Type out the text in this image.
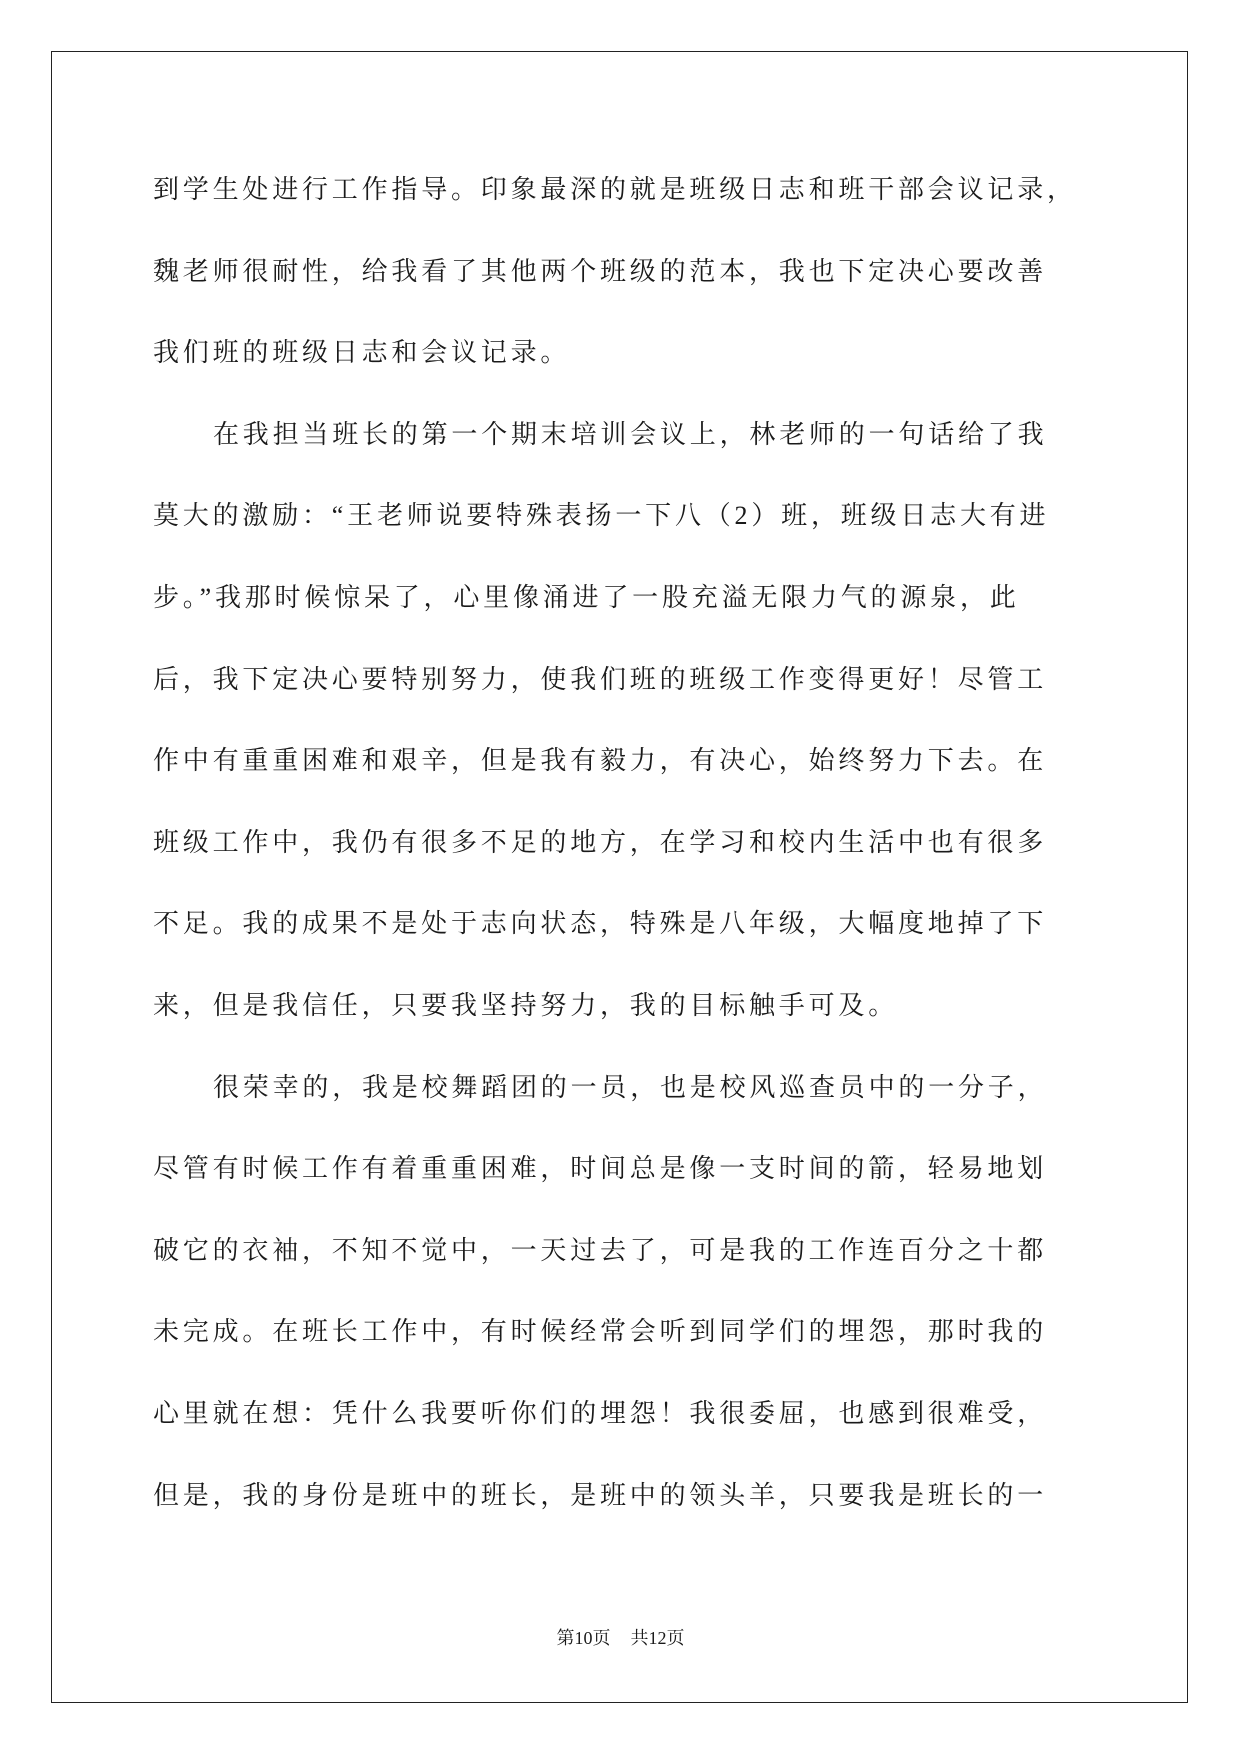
到学生处进行工作指导。印象最深的就是班级日志和班干部会议记录，
魏老师很耐性，给我看了其他两个班级的范本，我也下定决心要改善
我们班的班级日志和会议记录。
在我担当班长的第一个期末培训会议上，林老师的一句话给了我
莫大的激励：“王老师说要特殊表扬一下八（2）班，班级日志大有进
步。”我那时候惊呆了，心里像涌进了一股充溢无限力气的源泉，此
后，我下定决心要特别努力，使我们班的班级工作变得更好！尽管工
作中有重重困难和艰辛，但是我有毅力，有决心，始终努力下去。在
班级工作中，我仍有很多不足的地方，在学习和校内生活中也有很多
不足。我的成果不是处于志向状态，特殊是八年级，大幅度地掉了下
来，但是我信任，只要我坚持努力，我的目标触手可及。
很荣幸的，我是校舞蹈团的一员，也是校风巡查员中的一分子，
尽管有时候工作有着重重困难，时间总是像一支时间的箭，轻易地划
破它的衣袖，不知不觉中，一天过去了，可是我的工作连百分之十都
未完成。在班长工作中，有时候经常会听到同学们的埋怨，那时我的
心里就在想：凭什么我要听你们的埋怨！我很委屈，也感到很难受，
但是，我的身份是班中的班长，是班中的领头羊，只要我是班长的一
第10页 共12页
